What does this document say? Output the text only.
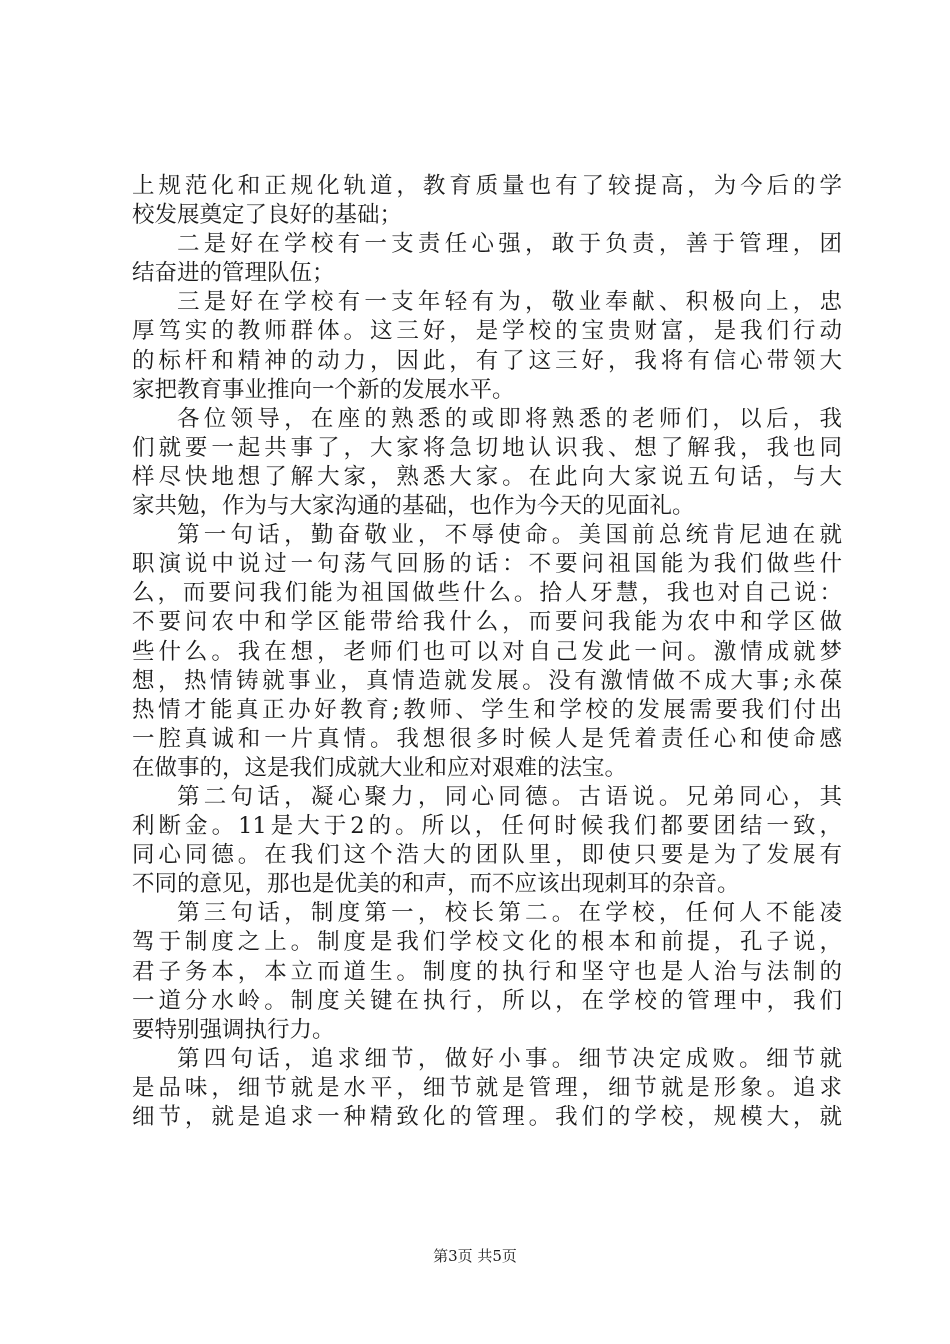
上规范化和正规化轨道，教育质量也有了较提高，为今后的学
校发展奠定了良好的基础；
二是好在学校有一支责任心强，敢于负责，善于管理，团
结奋进的管理队伍；
三是好在学校有一支年轻有为，敬业奉献、积极向上，忠
厚笃实的教师群体。这三好，是学校的宝贵财富，是我们行动
的标杆和精神的动力，因此，有了这三好，我将有信心带领大
家把教育事业推向一个新的发展水平。
各位领导，在座的熟悉的或即将熟悉的老师们，以后，我
们就要一起共事了，大家将急切地认识我、想了解我，我也同
样尽快地想了解大家，熟悉大家。在此向大家说五句话，与大
家共勉，作为与大家沟通的基础，也作为今天的见面礼。
第一句话，勤奋敬业，不辱使命。美国前总统肯尼迪在就
职演说中说过一句荡气回肠的话：不要问祖国能为我们做些什
么，而要问我们能为祖国做些什么。拾人牙慧，我也对自己说：
不要问农中和学区能带给我什么，而要问我能为农中和学区做
些什么。我在想，老师们也可以对自己发此一问。激情成就梦
想，热情铸就事业，真情造就发展。没有激情做不成大事;永葆
热情才能真正办好教育;教师、学生和学校的发展需要我们付出
一腔真诚和一片真情。我想很多时候人是凭着责任心和使命感
在做事的，这是我们成就大业和应对艰难的法宝。
第二句话，凝心聚力，同心同德。古语说。兄弟同心，其
利断金。11是大于2的。所以，任何时候我们都要团结一致，
同心同德。在我们这个浩大的团队里，即使只要是为了发展有
不同的意见，那也是优美的和声，而不应该出现刺耳的杂音。
第三句话，制度第一，校长第二。在学校，任何人不能凌
驾于制度之上。制度是我们学校文化的根本和前提，孔子说，
君子务本，本立而道生。制度的执行和坚守也是人治与法制的
一道分水岭。制度关键在执行，所以，在学校的管理中，我们
要特别强调执行力。
第四句话，追求细节，做好小事。细节决定成败。细节就
是品味，细节就是水平，细节就是管理，细节就是形象。追求
细节，就是追求一种精致化的管理。我们的学校，规模大，就
第3页 共5页
